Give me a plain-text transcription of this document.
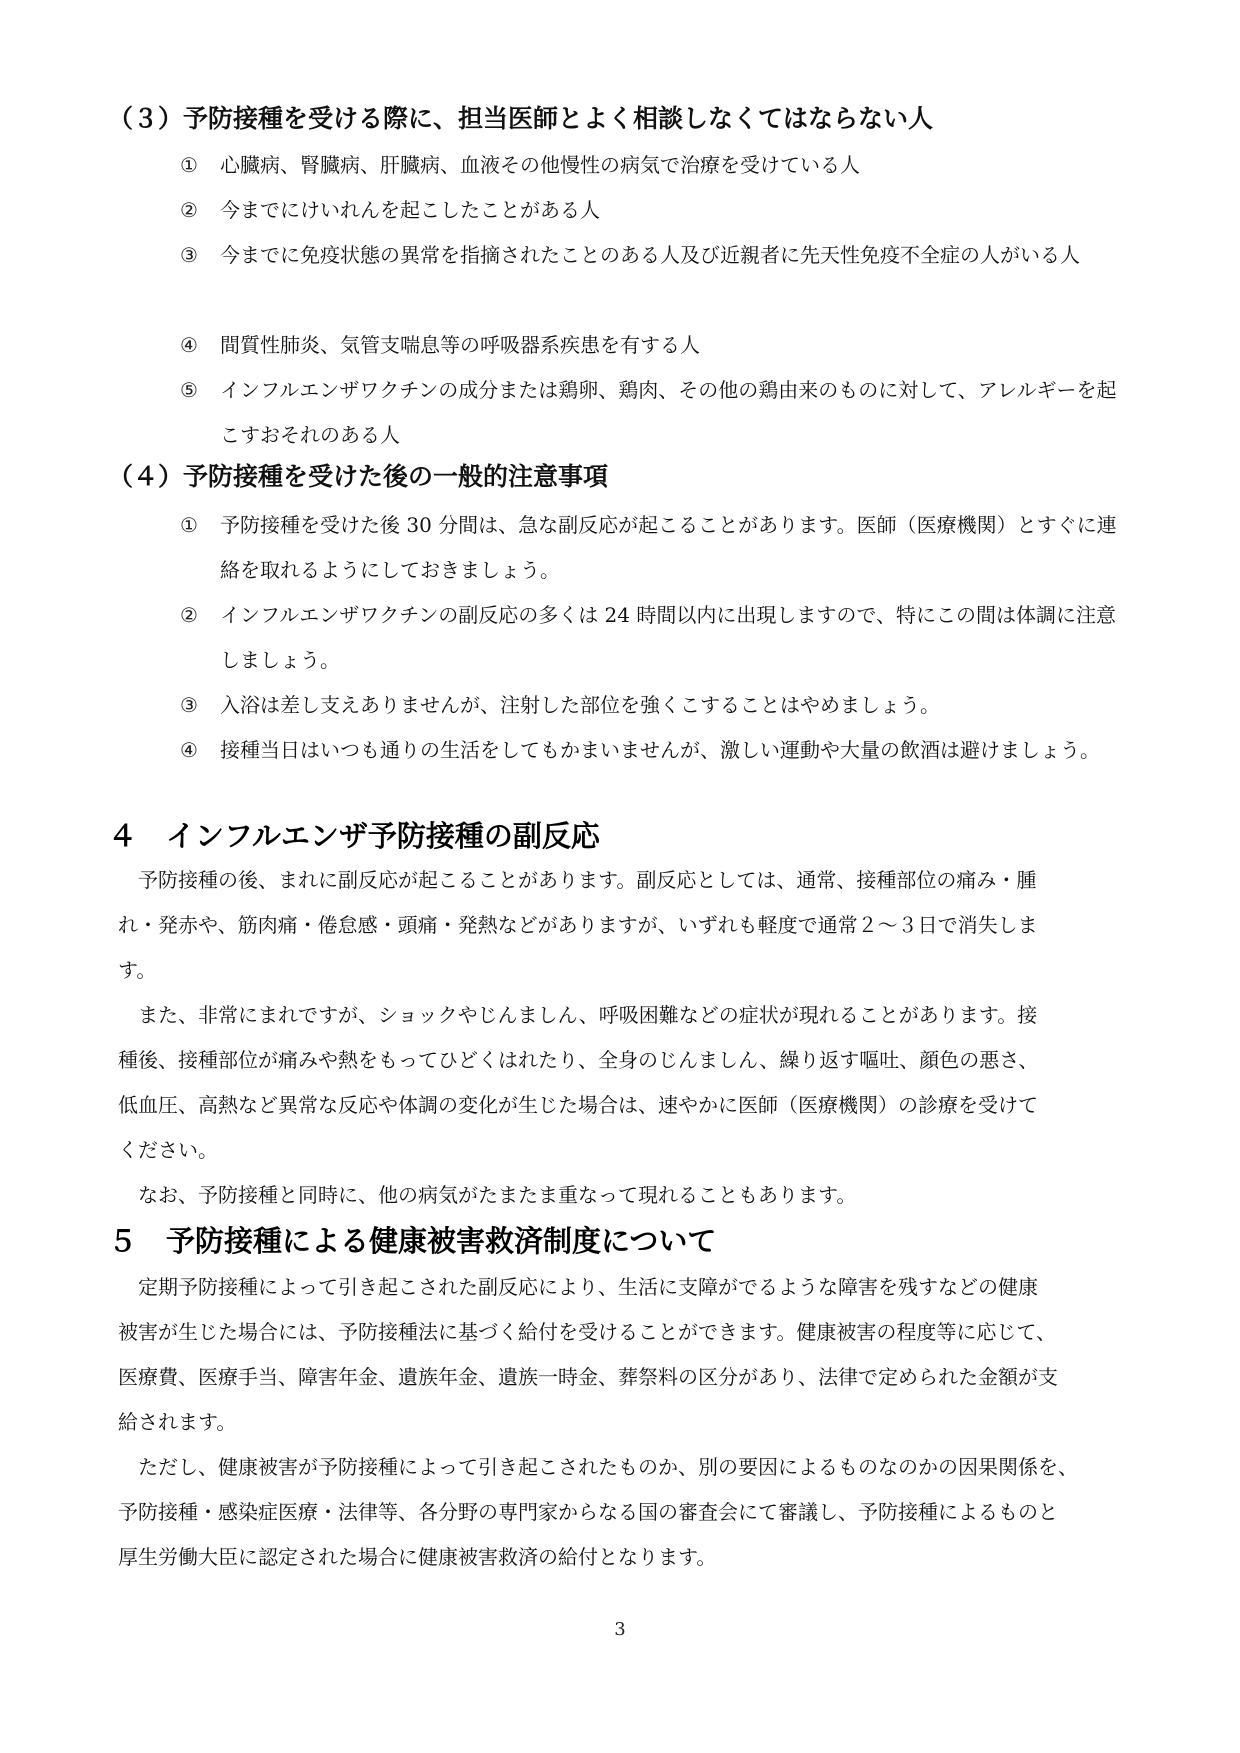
（３）予防接種を受ける際に、担当医師とよく相談しなくてはならない人
① 心臓病、腎臓病、肝臓病、血液その他慢性の病気で治療を受けている人
② 今までにけいれんを起こしたことがある人
③ 今までに免疫状態の異常を指摘されたことのある人及び近親者に先天性免疫不全症の人がいる人
④ 間質性肺炎、気管支喘息等の呼吸器系疾患を有する人
⑤ インフルエンザワクチンの成分または鶏卵、鶏肉、その他の鶏由来のものに対して、アレルギーを起こすおそれのある人
（４）予防接種を受けた後の一般的注意事項
① 予防接種を受けた後 30 分間は、急な副反応が起こることがあります。医師（医療機関）とすぐに連絡を取れるようにしておきましょう。
② インフルエンザワクチンの副反応の多くは 24 時間以内に出現しますので、特にこの間は体調に注意しましょう。
③ 入浴は差し支えありませんが、注射した部位を強くこすることはやめましょう。
④ 接種当日はいつも通りの生活をしてもかまいませんが、激しい運動や大量の飲酒は避けましょう。
４　インフルエンザ予防接種の副反応
　予防接種の後、まれに副反応が起こることがあります。副反応としては、通常、接種部位の痛み・腫
れ・発赤や、筋肉痛・倦怠感・頭痛・発熱などがありますが、いずれも軽度で通常２～３日で消失しま
す。
　また、非常にまれですが、ショックやじんましん、呼吸困難などの症状が現れることがあります。接
種後、接種部位が痛みや熱をもってひどくはれたり、全身のじんましん、繰り返す嘔吐、顔色の悪さ、
低血圧、高熱など異常な反応や体調の変化が生じた場合は、速やかに医師（医療機関）の診療を受けて
ください。
　なお、予防接種と同時に、他の病気がたまたま重なって現れることもあります。
５　予防接種による健康被害救済制度について
　定期予防接種によって引き起こされた副反応により、生活に支障がでるような障害を残すなどの健康
被害が生じた場合には、予防接種法に基づく給付を受けることができます。健康被害の程度等に応じて、
医療費、医療手当、障害年金、遺族年金、遺族一時金、葬祭料の区分があり、法律で定められた金額が支
給されます。
　ただし、健康被害が予防接種によって引き起こされたものか、別の要因によるものなのかの因果関係を、
予防接種・感染症医療・法律等、各分野の専門家からなる国の審査会にて審議し、予防接種によるものと
厚生労働大臣に認定された場合に健康被害救済の給付となります。
3
